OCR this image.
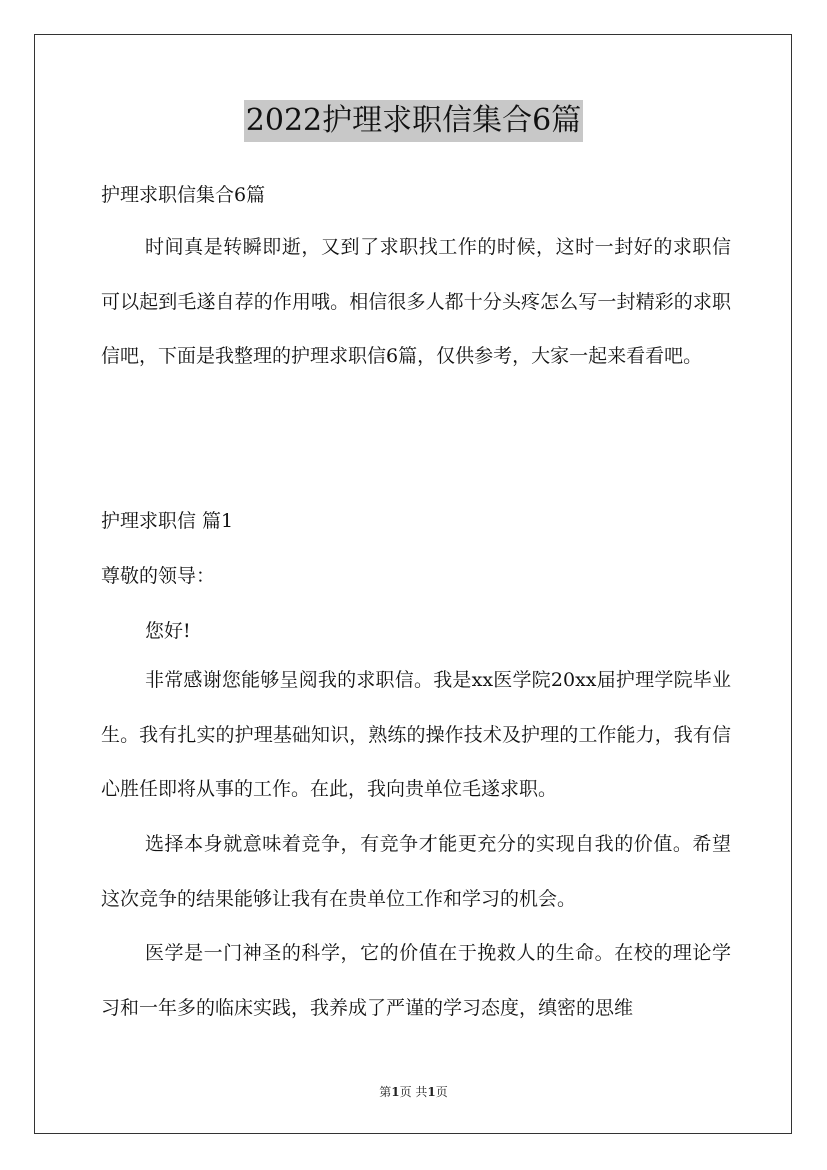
2022护理求职信集合6篇
护理求职信集合6篇

时间真是转瞬即逝，又到了求职找工作的时候，这时一封好的求职信可以起到毛遂自荐的作用哦。相信很多人都十分头疼怎么写一封精彩的求职信吧，下面是我整理的护理求职信6篇，仅供参考，大家一起来看看吧。

护理求职信 篇1
尊敬的领导：
您好!

非常感谢您能够呈阅我的求职信。我是xx医学院20xx届护理学院毕业生。我有扎实的护理基础知识，熟练的操作技术及护理的工作能力，我有信心胜任即将从事的工作。在此，我向贵单位毛遂求职。

选择本身就意味着竞争，有竞争才能更充分的实现自我的价值。希望这次竞争的结果能够让我有在贵单位工作和学习的机会。

医学是一门神圣的科学，它的价值在于挽救人的生命。在校的理论学习和一年多的临床实践，我养成了严谨的学习态度，缜密的思维

第1页 共1页
